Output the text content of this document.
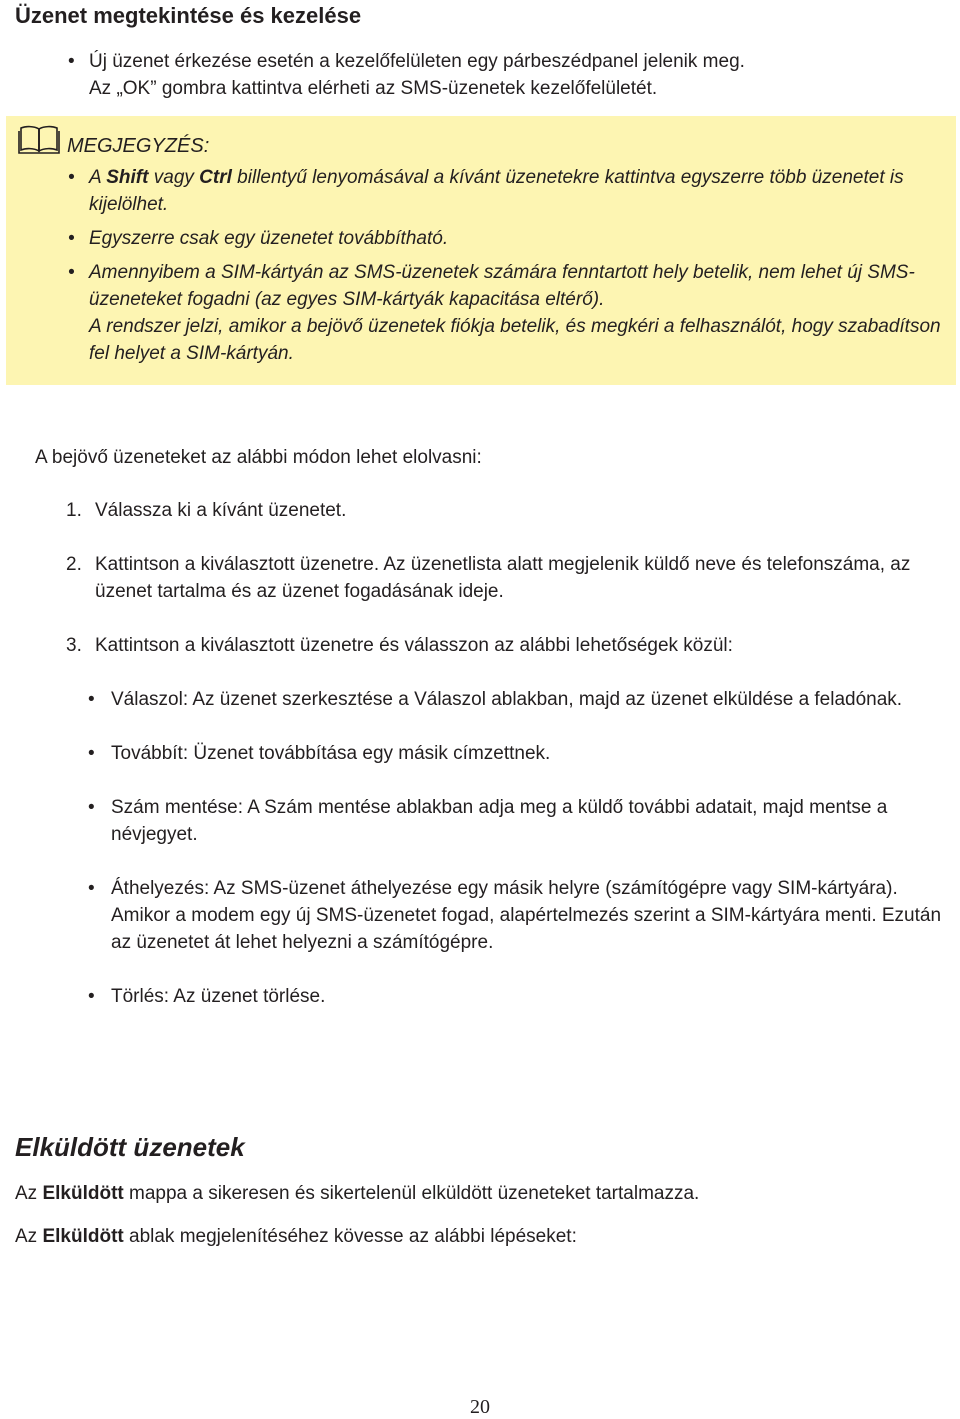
Üzenet megtekintése és kezelése
• Új üzenet érkezése esetén a kezelőfelületen egy párbeszédpanel jelenik meg.
Az „OK” gombra kattintva elérheti az SMS-üzenetek kezelőfelületét.
MEGJEGYZÉS:
• A Shift vagy Ctrl billentyű lenyomásával a kívánt üzenetekre kattintva egyszerre több üzenetet is kijelölhet.
• Egyszerre csak egy üzenetet továbbítható.
• Amennyibem a SIM-kártyán az SMS-üzenetek számára fenntartott hely betelik, nem lehet új SMS-üzeneteket fogadni (az egyes SIM-kártyák kapacitása eltérő).
A rendszer jelzi, amikor a bejövő üzenetek fiókja betelik, és megkéri a felhasználót, hogy szabadítson fel helyet a SIM-kártyán.
A bejövő üzeneteket az alábbi módon lehet elolvasni:
1. Válassza ki a kívánt üzenetet.
2. Kattintson a kiválasztott üzenetre. Az üzenetlista alatt megjelenik küldő neve és telefonszáma, az üzenet tartalma és az üzenet fogadásának ideje.
3. Kattintson a kiválasztott üzenetre és válasszon az alábbi lehetőségek közül:
• Válaszol: Az üzenet szerkesztése a Válaszol ablakban, majd az üzenet elküldése a feladónak.
• Továbbít: Üzenet továbbítása egy másik címzettnek.
• Szám mentése: A Szám mentése ablakban adja meg a küldő további adatait, majd mentse a névjegyet.
• Áthelyezés: Az SMS-üzenet áthelyezése egy másik helyre (számítógépre vagy SIM-kártyára). Amikor a modem egy új SMS-üzenetet fogad, alapértelmezés szerint a SIM-kártyára menti. Ezután az üzenetet át lehet helyezni a számítógépre.
• Törlés: Az üzenet törlése.
Elküldött üzenetek
Az Elküldött mappa a sikeresen és sikertelenül elküldött üzeneteket tartalmazza.
Az Elküldött ablak megjelenítéséhez kövesse az alábbi lépéseket:
20
